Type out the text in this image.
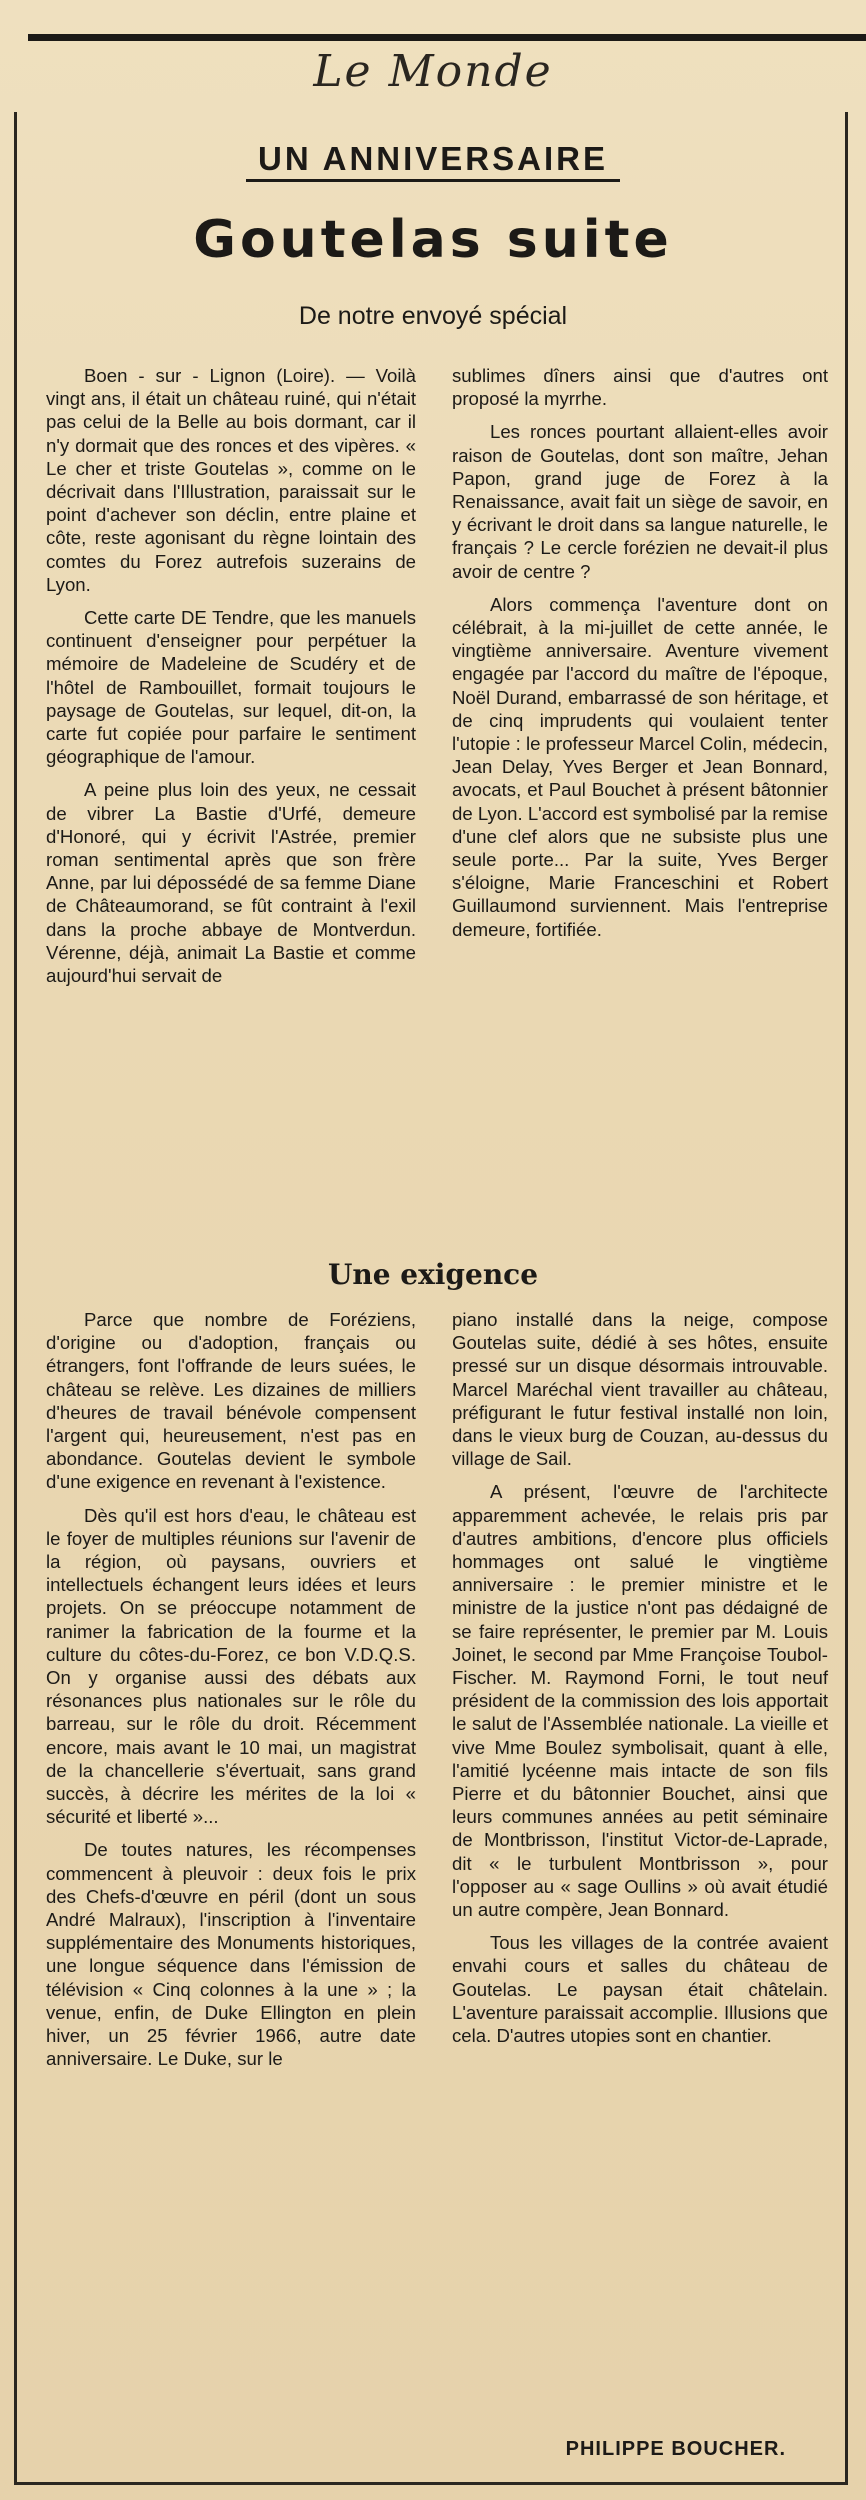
Le Monde
UN ANNIVERSAIRE
Goutelas suite
De notre envoyé spécial

Boen - sur - Lignon (Loire). — Voilà vingt ans, il était un château ruiné, qui n'était pas celui de la Belle au bois dormant, car il n'y dormait que des ronces et des vipères. « Le cher et triste Goutelas », comme on le décrivait dans l'Illustration, paraissait sur le point d'achever son déclin, entre plaine et côte, reste agonisant du règne lointain des comtes du Forez autrefois suzerains de Lyon.

Cette carte DE Tendre, que les manuels continuent d'enseigner pour perpétuer la mémoire de Madeleine de Scudéry et de l'hôtel de Rambouillet, formait toujours le paysage de Goutelas, sur lequel, dit-on, la carte fut copiée pour parfaire le sentiment géographique de l'amour.

A peine plus loin des yeux, ne cessait de vibrer La Bastie d'Urfé, demeure d'Honoré, qui y écrivit l'Astrée, premier roman sentimental après que son frère Anne, par lui dépossédé de sa femme Diane de Châteaumorand, se fût contraint à l'exil dans la proche abbaye de Montverdun. Vérenne, déjà, animait La Bastie et comme aujourd'hui servait de

sublimes dîners ainsi que d'autres ont proposé la myrrhe.

Les ronces pourtant allaient-elles avoir raison de Goutelas, dont son maître, Jehan Papon, grand juge de Forez à la Renaissance, avait fait un siège de savoir, en y écrivant le droit dans sa langue naturelle, le français ? Le cercle forézien ne devait-il plus avoir de centre ?

Alors commença l'aventure dont on célébrait, à la mi-juillet de cette année, le vingtième anniversaire. Aventure vivement engagée par l'accord du maître de l'époque, Noël Durand, embarrassé de son héritage, et de cinq imprudents qui voulaient tenter l'utopie : le professeur Marcel Colin, médecin, Jean Delay, Yves Berger et Jean Bonnard, avocats, et Paul Bouchet à présent bâtonnier de Lyon. L'accord est symbolisé par la remise d'une clef alors que ne subsiste plus une seule porte... Par la suite, Yves Berger s'éloigne, Marie Franceschini et Robert Guillaumond surviennent. Mais l'entreprise demeure, fortifiée.

Une exigence

Parce que nombre de Foréziens, d'origine ou d'adoption, français ou étrangers, font l'offrande de leurs suées, le château se relève. Les dizaines de milliers d'heures de travail bénévole compensent l'argent qui, heureusement, n'est pas en abondance. Goutelas devient le symbole d'une exigence en revenant à l'existence.

Dès qu'il est hors d'eau, le château est le foyer de multiples réunions sur l'avenir de la région, où paysans, ouvriers et intellectuels échangent leurs idées et leurs projets. On se préoccupe notamment de ranimer la fabrication de la fourme et la culture du côtes-du-Forez, ce bon V.D.Q.S. On y organise aussi des débats aux résonances plus nationales sur le rôle du barreau, sur le rôle du droit. Récemment encore, mais avant le 10 mai, un magistrat de la chancellerie s'évertuait, sans grand succès, à décrire les mérites de la loi « sécurité et liberté »...

De toutes natures, les récompenses commencent à pleuvoir : deux fois le prix des Chefs-d'œuvre en péril (dont un sous André Malraux), l'inscription à l'inventaire supplémentaire des Monuments historiques, une longue séquence dans l'émission de télévision « Cinq colonnes à la une » ; la venue, enfin, de Duke Ellington en plein hiver, un 25 février 1966, autre date anniversaire. Le Duke, sur le

piano installé dans la neige, compose Goutelas suite, dédié à ses hôtes, ensuite pressé sur un disque désormais introuvable. Marcel Maréchal vient travailler au château, préfigurant le futur festival installé non loin, dans le vieux burg de Couzan, au-dessus du village de Sail.

A présent, l'œuvre de l'architecte apparemment achevée, le relais pris par d'autres ambitions, d'encore plus officiels hommages ont salué le vingtième anniversaire : le premier ministre et le ministre de la justice n'ont pas dédaigné de se faire représenter, le premier par M. Louis Joinet, le second par Mme Françoise Toubol-Fischer. M. Raymond Forni, le tout neuf président de la commission des lois apportait le salut de l'Assemblée nationale. La vieille et vive Mme Boulez symbolisait, quant à elle, l'amitié lycéenne mais intacte de son fils Pierre et du bâtonnier Bouchet, ainsi que leurs communes années au petit séminaire de Montbrisson, l'institut Victor-de-Laprade, dit « le turbulent Montbrisson », pour l'opposer au « sage Oullins » où avait étudié un autre compère, Jean Bonnard.

Tous les villages de la contrée avaient envahi cours et salles du château de Goutelas. Le paysan était châtelain. L'aventure paraissait accomplie. Illusions que cela. D'autres utopies sont en chantier.

PHILIPPE BOUCHER.
